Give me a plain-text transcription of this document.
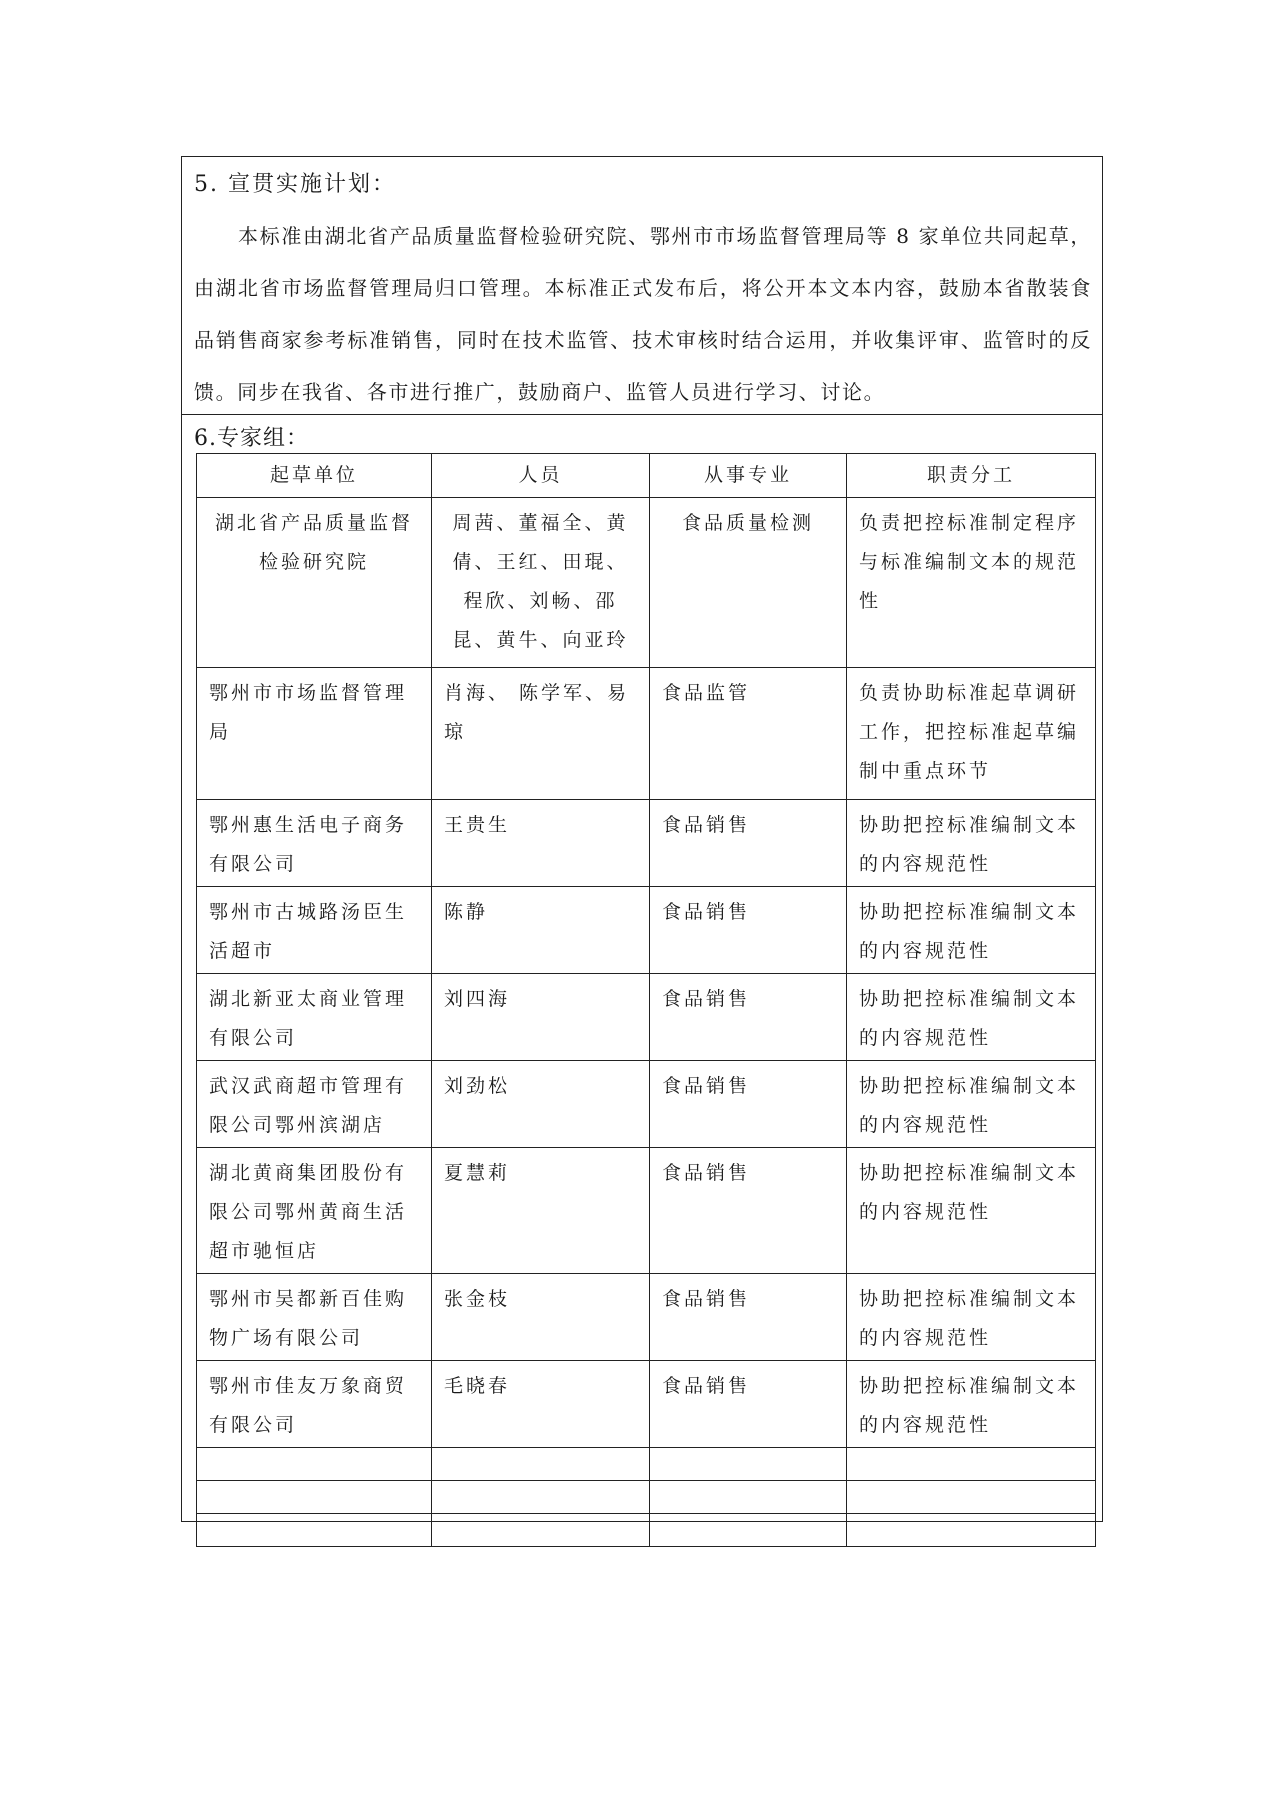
5. 宣贯实施计划：
本标准由湖北省产品质量监督检验研究院、鄂州市市场监督管理局等 8 家单位共同起草，由湖北省市场监督管理局归口管理。本标准正式发布后，将公开本文本内容，鼓励本省散装食品销售商家参考标准销售，同时在技术监管、技术审核时结合运用，并收集评审、监管时的反馈。同步在我省、各市进行推广，鼓励商户、监管人员进行学习、讨论。
6.专家组：
起草单位	人员	从事专业	职责分工
湖北省产品质量监督检验研究院	周茜、董福全、黄倩、王红、田琨、程欣、刘畅、邵昆、黄牛、向亚玲	食品质量检测	负责把控标准制定程序与标准编制文本的规范性
鄂州市市场监督管理局	肖海、 陈学军、易琼	食品监管	负责协助标准起草调研工作，把控标准起草编制中重点环节
鄂州惠生活电子商务有限公司	王贵生	食品销售	协助把控标准编制文本的内容规范性
鄂州市古城路汤臣生活超市	陈静	食品销售	协助把控标准编制文本的内容规范性
湖北新亚太商业管理有限公司	刘四海	食品销售	协助把控标准编制文本的内容规范性
武汉武商超市管理有限公司鄂州滨湖店	刘劲松	食品销售	协助把控标准编制文本的内容规范性
湖北黄商集团股份有限公司鄂州黄商生活超市驰恒店	夏慧莉	食品销售	协助把控标准编制文本的内容规范性
鄂州市吴都新百佳购物广场有限公司	张金枝	食品销售	协助把控标准编制文本的内容规范性
鄂州市佳友万象商贸有限公司	毛晓春	食品销售	协助把控标准编制文本的内容规范性
